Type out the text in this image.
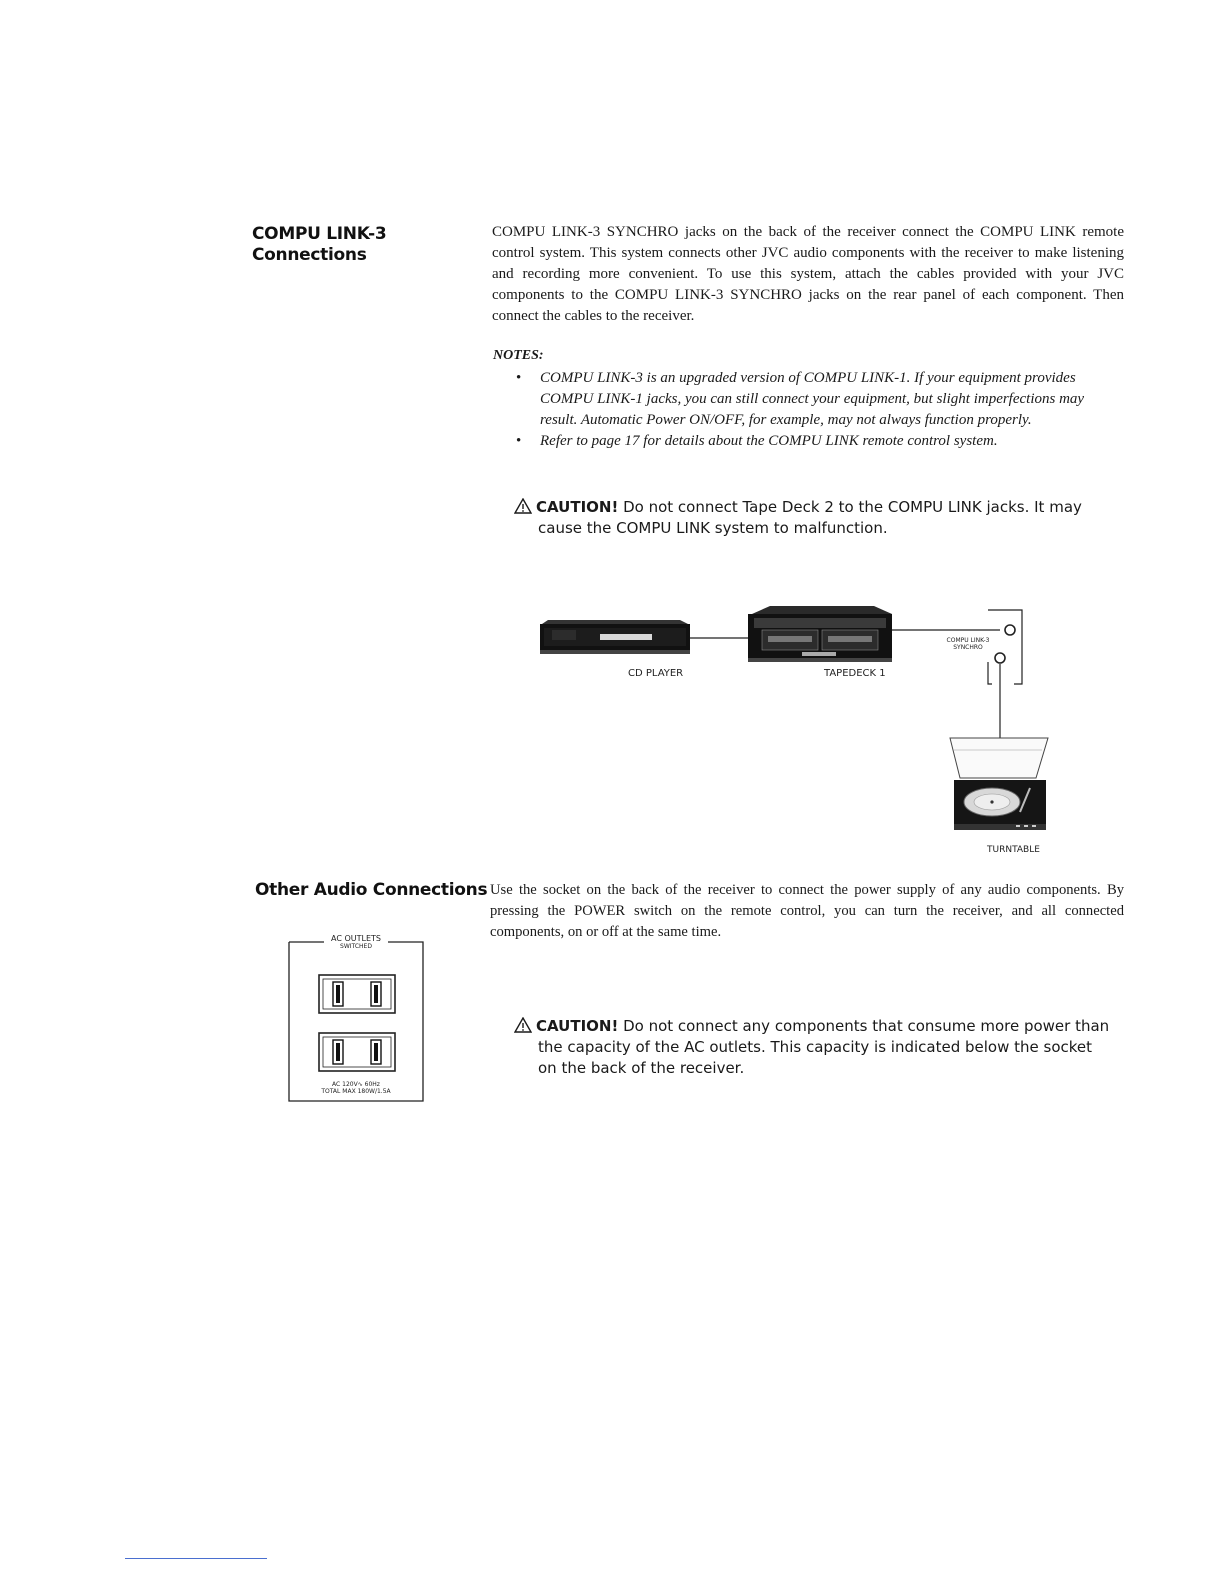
COMPU LINK-3
Connections
COMPU LINK-3 SYNCHRO jacks on the back of the receiver connect the COMPU LINK remote control system. This system connects other JVC audio components with the receiver to make listening and recording more convenient. To use this system, attach the cables provided with your JVC components to the COMPU LINK-3 SYNCHRO jacks on the rear panel of each component. Then connect the cables to the receiver.
NOTES:
• COMPU LINK-3 is an upgraded version of COMPU LINK-1. If your equipment provides COMPU LINK-1 jacks, you can still connect your equipment, but slight imperfections may result. Automatic Power ON/OFF, for example, may not always function properly.
• Refer to page 17 for details about the COMPU LINK remote control system.
CAUTION! Do not connect Tape Deck 2 to the COMPU LINK jacks. It may cause the COMPU LINK system to malfunction.
CD PLAYER	TAPEDECK 1
COMPU LINK-3
SYNCHRO
TURNTABLE
Other Audio Connections Use the socket on the back of the receiver to connect the power supply of any audio components. By pressing the POWER switch on the remote control, you can turn the receiver, and all connected components, on or off at the same time.
AC OUTLETS
SWITCHED
AC 120V∿ 60Hz
TOTAL MAX 180W/1.5A
CAUTION! Do not connect any components that consume more power than the capacity of the AC outlets. This capacity is indicated below the socket on the back of the receiver.
